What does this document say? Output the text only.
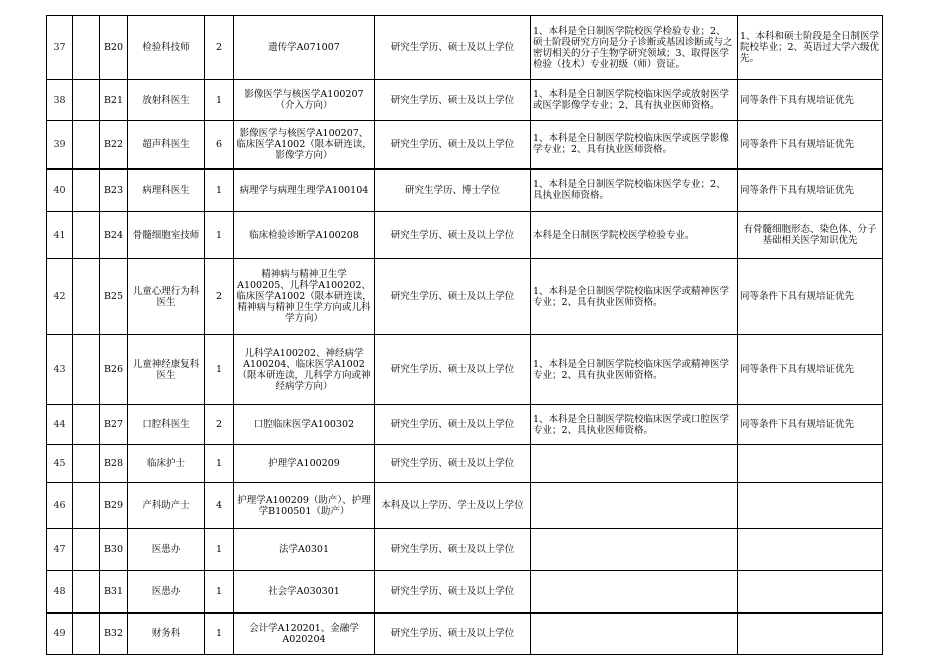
37		B20	检验科技师	2	遗传学A071007	研究生学历、硕士及以上学位	1、本科是全日制医学院校医学检验专业；2、硕士阶段研究方向是分子诊断或基因诊断或与之密切相关的分子生物学研究领域；3、取得医学检验（技术）专业初级（师）资证。	1、本科和硕士阶段是全日制医学院校毕业；2、英语过大学六级优先。
38		B21	放射科医生	1	影像医学与核医学A100207（介入方向）	研究生学历、硕士及以上学位	1、本科是全日制医学院校临床医学或放射医学或医学影像学专业；2、具有执业医师资格。	同等条件下具有规培证优先
39		B22	超声科医生	6	影像医学与核医学A100207、临床医学A1002（限本研连读，影像学方向）	研究生学历、硕士及以上学位	1、本科是全日制医学院校临床医学或医学影像学专业；2、具有执业医师资格。	同等条件下具有规培证优先
40		B23	病理科医生	1	病理学与病理生理学A100104	研究生学历、博士学位	1、本科是全日制医学院校临床医学专业；2、具执业医师资格。	同等条件下具有规培证优先
41		B24	骨髓细胞室技师	1	临床检验诊断学A100208	研究生学历、硕士及以上学位	本科是全日制医学院校医学检验专业。	有骨髓细胞形态、染色体、分子基础相关医学知识优先
42		B25	儿童心理行为科医生	2	精神病与精神卫生学A100205、儿科学A100202、临床医学A1002（限本研连读，精神病与精神卫生学方向或儿科学方向）	研究生学历、硕士及以上学位	1、本科是全日制医学院校临床医学或精神医学专业；2、具有执业医师资格。	同等条件下具有规培证优先
43		B26	儿童神经康复科医生	1	儿科学A100202、神经病学A100204、临床医学A1002（限本研连读，儿科学方向或神经病学方向）	研究生学历、硕士及以上学位	1、本科是全日制医学院校临床医学或精神医学专业；2、具有执业医师资格。	同等条件下具有规培证优先
44		B27	口腔科医生	2	口腔临床医学A100302	研究生学历、硕士及以上学位	1、本科是全日制医学院校临床医学或口腔医学专业；2、具执业医师资格。	同等条件下具有规培证优先
45		B28	临床护士	1	护理学A100209	研究生学历、硕士及以上学位		
46		B29	产科助产士	4	护理学A100209（助产）、护理学B100501（助产）	本科及以上学历、学士及以上学位		
47		B30	医患办	1	法学A0301	研究生学历、硕士及以上学位		
48		B31	医患办	1	社会学A030301	研究生学历、硕士及以上学位		
49		B32	财务科	1	会计学A120201、金融学A020204	研究生学历、硕士及以上学位		
